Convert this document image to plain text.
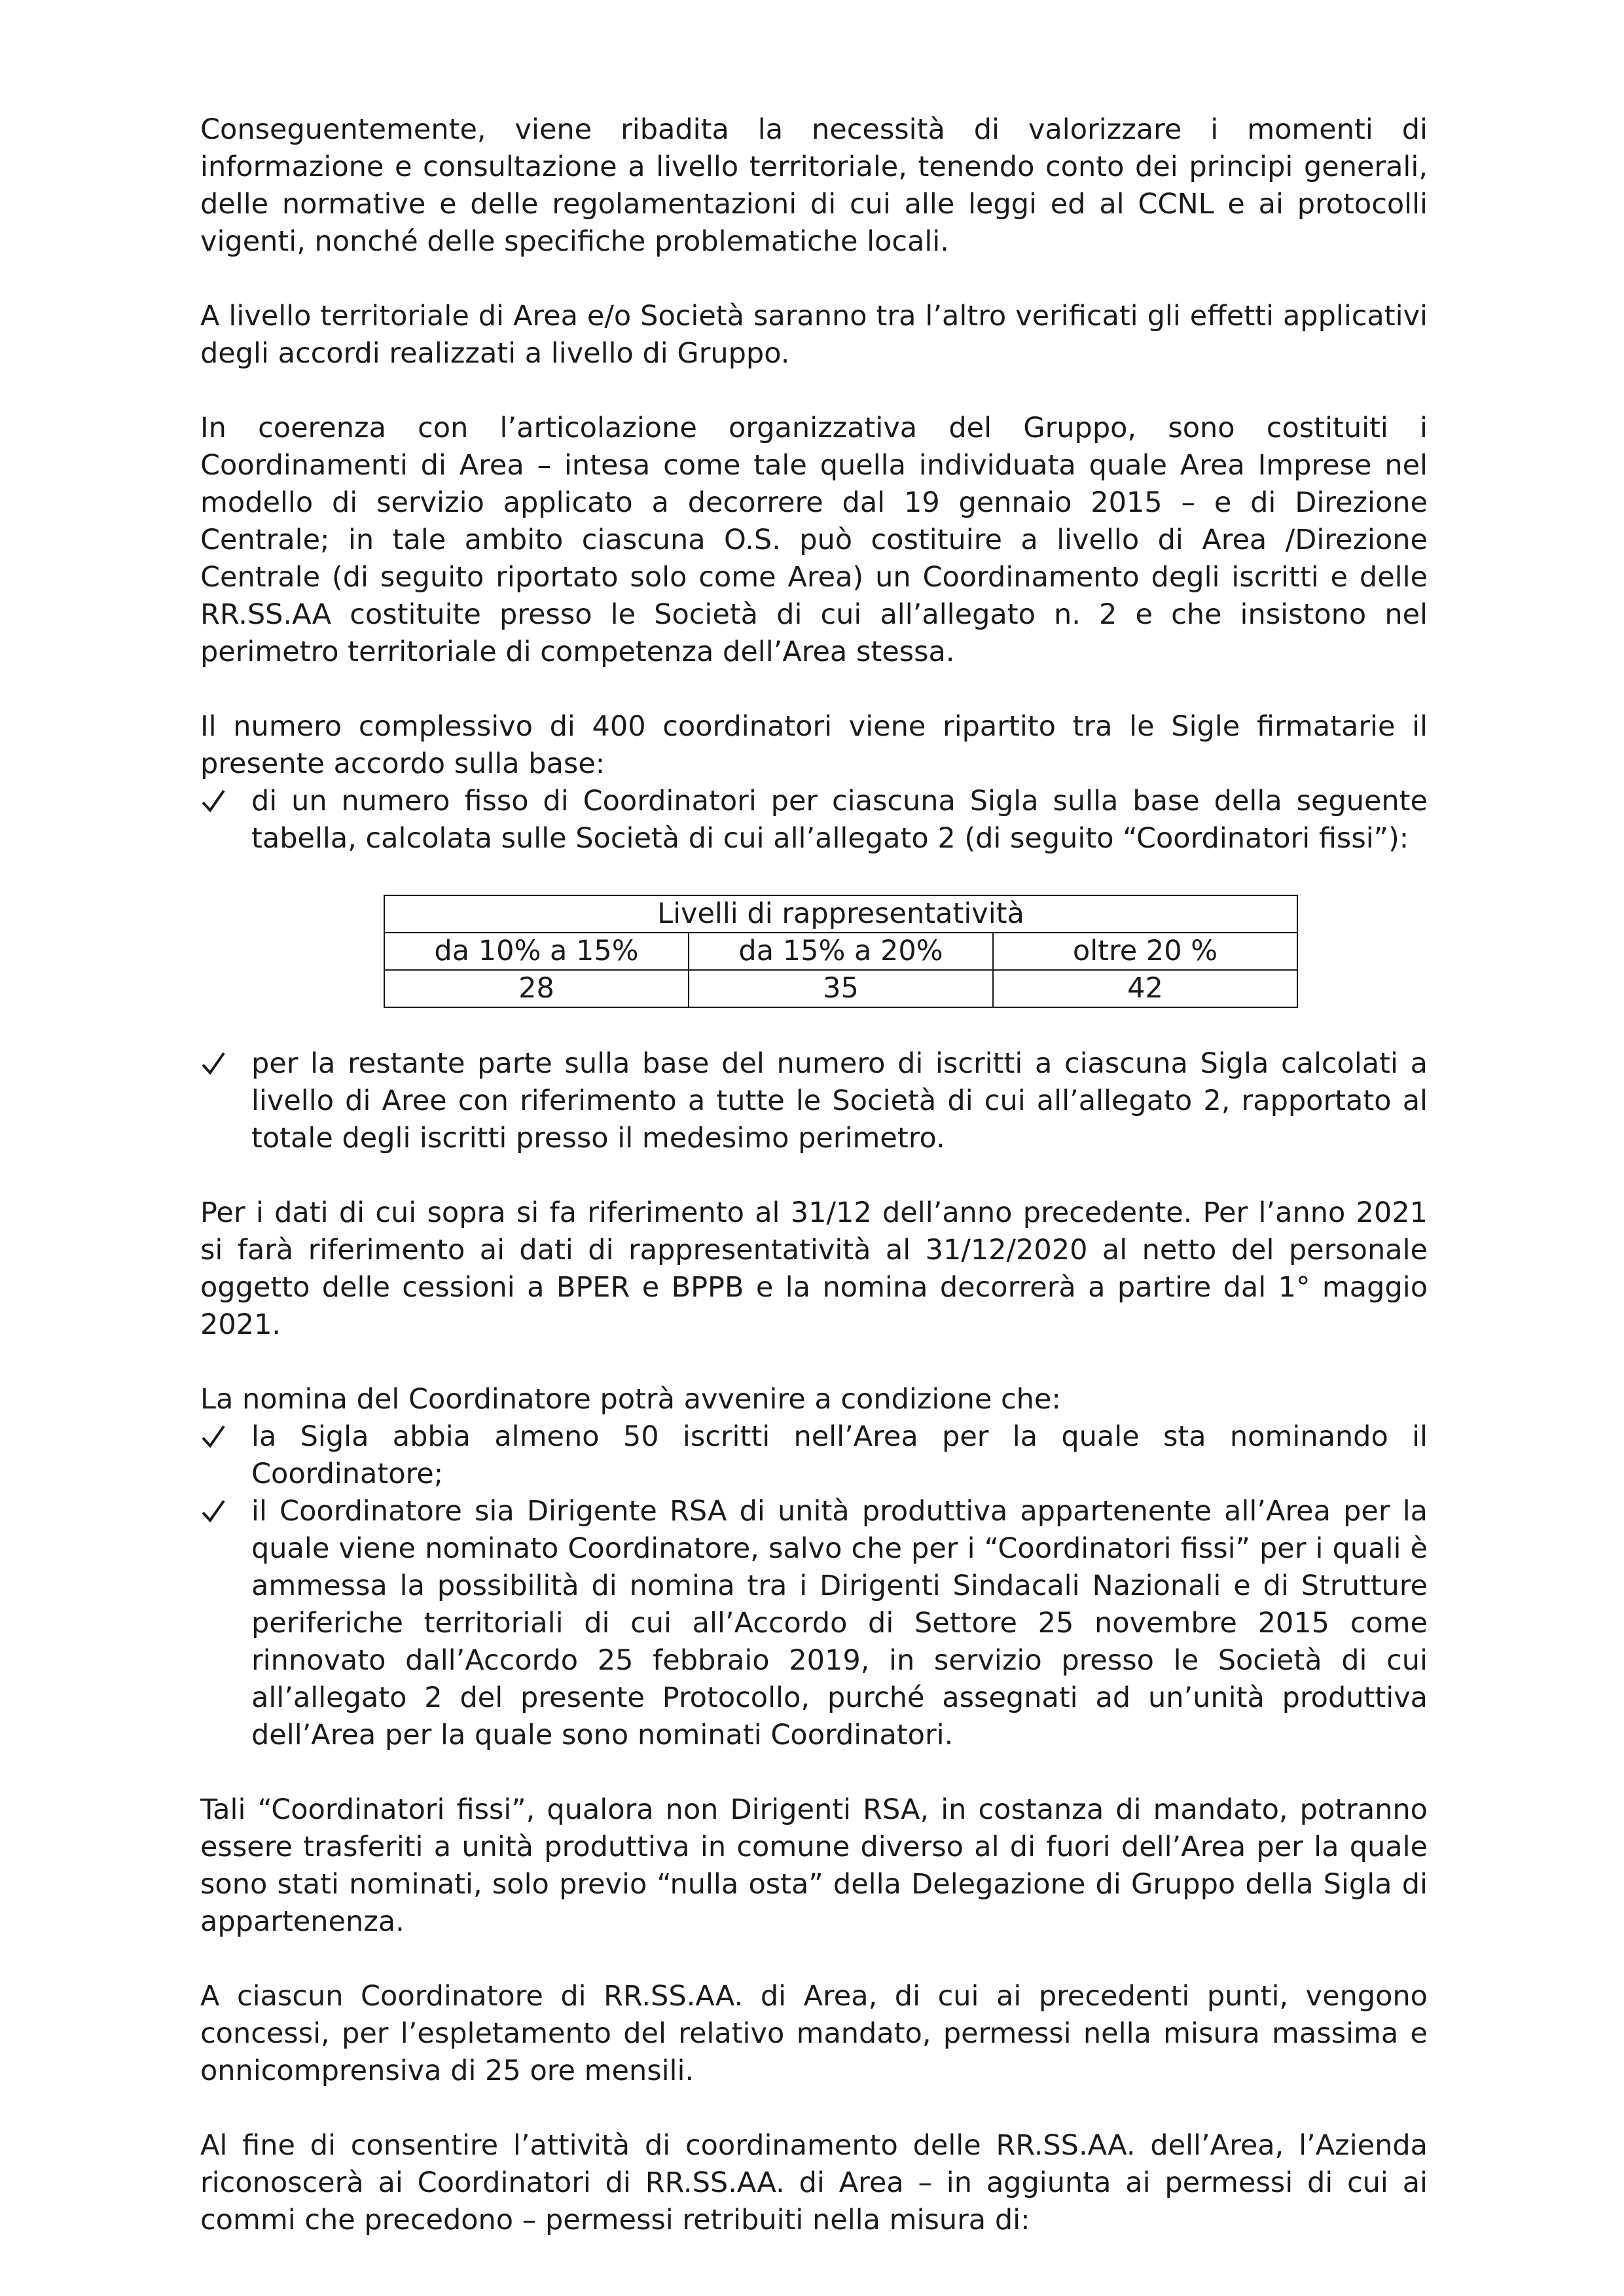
Conseguentemente, viene ribadita la necessità di valorizzare i momenti di informazione e consultazione a livello territoriale, tenendo conto dei principi generali, delle normative e delle regolamentazioni di cui alle leggi ed al CCNL e ai protocolli vigenti, nonché delle specifiche problematiche locali.

A livello territoriale di Area e/o Società saranno tra l’altro verificati gli effetti applicativi degli accordi realizzati a livello di Gruppo.

In coerenza con l’articolazione organizzativa del Gruppo, sono costituiti i Coordinamenti di Area – intesa come tale quella individuata quale Area Imprese nel modello di servizio applicato a decorrere dal 19 gennaio 2015 – e di Direzione Centrale; in tale ambito ciascuna O.S. può costituire a livello di Area /Direzione Centrale (di seguito riportato solo come Area) un Coordinamento degli iscritti e delle RR.SS.AA costituite presso le Società di cui all’allegato n. 2 e che insistono nel perimetro territoriale di competenza dell’Area stessa.

Il numero complessivo di 400 coordinatori viene ripartito tra le Sigle firmatarie il presente accordo sulla base:

di un numero fisso di Coordinatori per ciascuna Sigla sulla base della seguente tabella, calcolata sulle Società di cui all’allegato 2 (di seguito “Coordinatori fissi”):
Livelli di rappresentatività		
da 10% a 15%	da 15% a 20%	oltre 20 %
28	35	42
per la restante parte sulla base del numero di iscritti a ciascuna Sigla calcolati a livello di Aree con riferimento a tutte le Società di cui all’allegato 2, rapportato al totale degli iscritti presso il medesimo perimetro.

Per i dati di cui sopra si fa riferimento al 31/12 dell’anno precedente. Per l’anno 2021 si farà riferimento ai dati di rappresentatività al 31/12/2020 al netto del personale oggetto delle cessioni a BPER e BPPB e la nomina decorrerà a partire dal 1° maggio 2021.

La nomina del Coordinatore potrà avvenire a condizione che:

la Sigla abbia almeno 50 iscritti nell’Area per la quale sta nominando il Coordinatore;
il Coordinatore sia Dirigente RSA di unità produttiva appartenente all’Area per la quale viene nominato Coordinatore, salvo che per i “Coordinatori fissi” per i quali è ammessa la possibilità di nomina tra i Dirigenti Sindacali Nazionali e di Strutture periferiche territoriali di cui all’Accordo di Settore 25 novembre 2015 come rinnovato dall’Accordo 25 febbraio 2019, in servizio presso le Società di cui all’allegato 2 del presente Protocollo, purché assegnati ad un’unità produttiva dell’Area per la quale sono nominati Coordinatori.

Tali “Coordinatori fissi”, qualora non Dirigenti RSA, in costanza di mandato, potranno essere trasferiti a unità produttiva in comune diverso al di fuori dell’Area per la quale sono stati nominati, solo previo “nulla osta” della Delegazione di Gruppo della Sigla di appartenenza.

A ciascun Coordinatore di RR.SS.AA. di Area, di cui ai precedenti punti, vengono concessi, per l’espletamento del relativo mandato, permessi nella misura massima e onnicomprensiva di 25 ore mensili.

Al fine di consentire l’attività di coordinamento delle RR.SS.AA. dell’Area, l’Azienda riconoscerà ai Coordinatori di RR.SS.AA. di Area – in aggiunta ai permessi di cui ai commi che precedono – permessi retribuiti nella misura di:
